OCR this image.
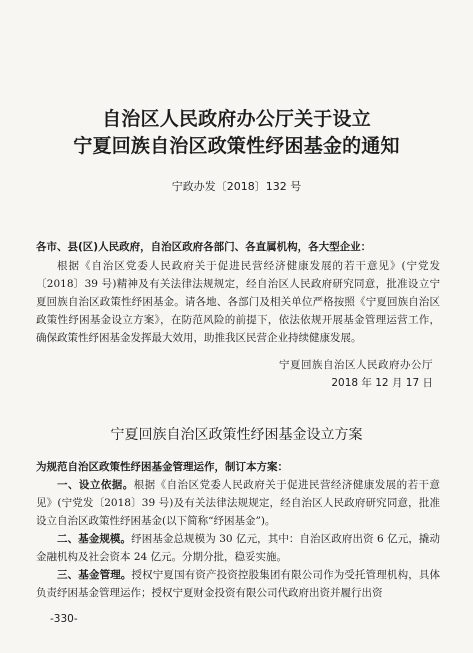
自治区人民政府办公厅关于设立
宁夏回族自治区政策性纾困基金的通知
宁政办发〔2018〕132 号
各市、县(区)人民政府，自治区政府各部门、各直属机构，各大型企业：
根据《自治区党委人民政府关于促进民营经济健康发展的若干意见》(宁党发〔2018〕39 号)精神及有关法律法规规定，经自治区人民政府研究同意，批准设立宁夏回族自治区政策性纾困基金。请各地、各部门及相关单位严格按照《宁夏回族自治区政策性纾困基金设立方案》，在防范风险的前提下，依法依规开展基金管理运营工作，确保政策性纾困基金发挥最大效用，助推我区民营企业持续健康发展。
宁夏回族自治区人民政府办公厅
2018 年 12 月 17 日
宁夏回族自治区政策性纾困基金设立方案
为规范自治区政策性纾困基金管理运作，制订本方案：
一、设立依据。根据《自治区党委人民政府关于促进民营经济健康发展的若干意见》(宁党发〔2018〕39 号)及有关法律法规规定，经自治区人民政府研究同意，批准设立自治区政策性纾困基金(以下简称“纾困基金”)。
二、基金规模。纾困基金总规模为 30 亿元，其中：自治区政府出资 6 亿元，撬动金融机构及社会资本 24 亿元。分期分批，稳妥实施。
三、基金管理。授权宁夏国有资产投资控股集团有限公司作为受托管理机构，具体负责纾困基金管理运作；授权宁夏财金投资有限公司代政府出资并履行出资
-330-
